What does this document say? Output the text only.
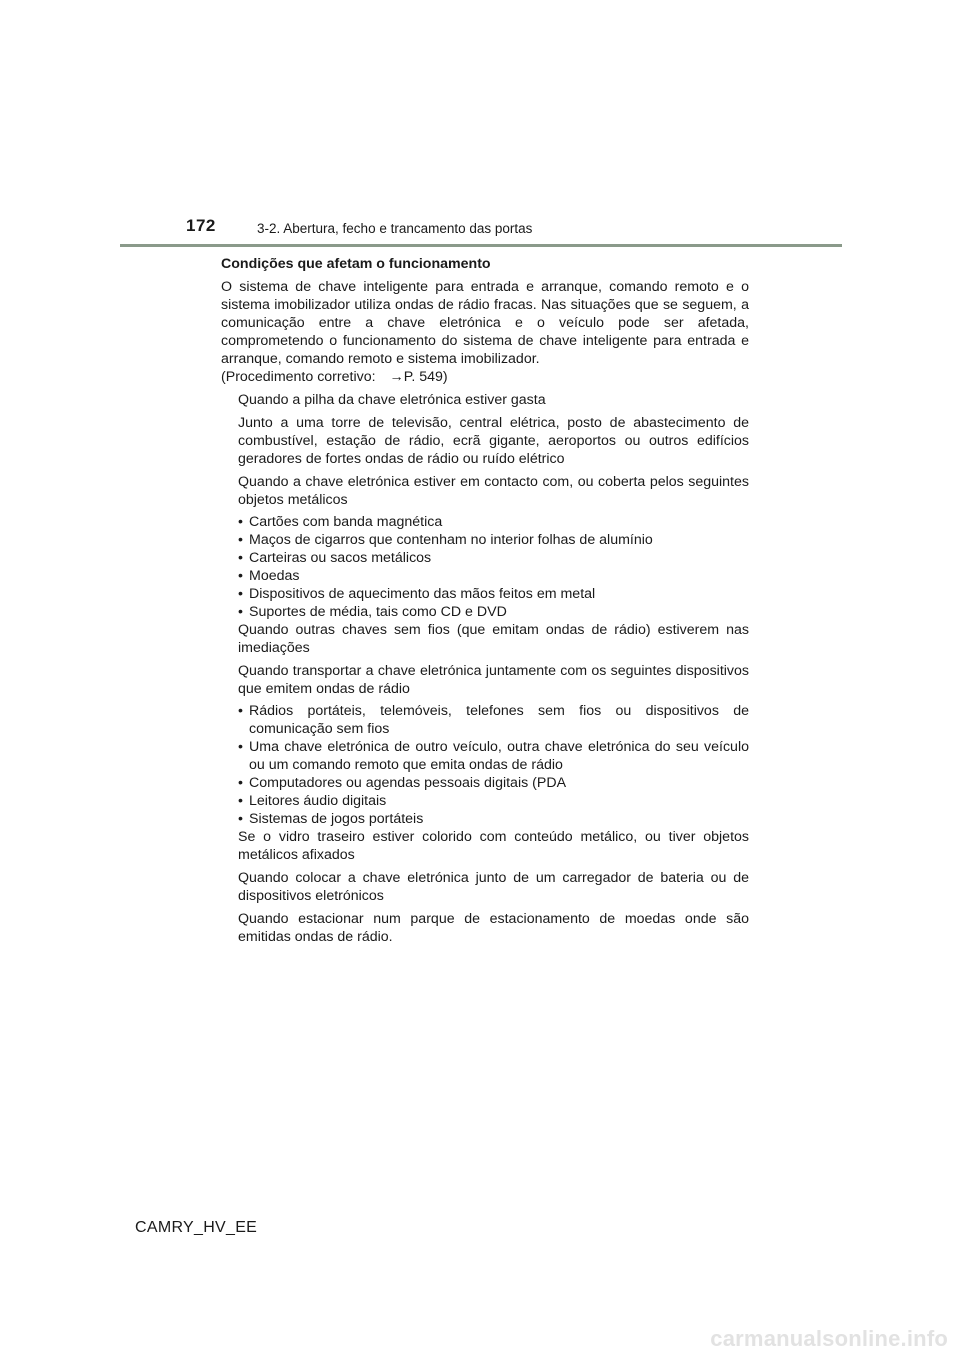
172	3-2. Abertura, fecho e trancamento das portas

Condições que afetam o funcionamento

O sistema de chave inteligente para entrada e arranque, comando remoto e o sistema imobilizador utiliza ondas de rádio fracas. Nas situações que se seguem, a comunicação entre a chave eletrónica e o veículo pode ser afetada, comprometendo o funcionamento do sistema de chave inteligente para entrada e arranque, comando remoto e sistema imobilizador.

(Procedimento corretivo: →P. 549)

Quando a pilha da chave eletrónica estiver gasta
Junto a uma torre de televisão, central elétrica, posto de abastecimento de combustível, estação de rádio, ecrã gigante, aeroportos ou outros edifícios geradores de fortes ondas de rádio ou ruído elétrico
Quando a chave eletrónica estiver em contacto com, ou coberta pelos seguintes objetos metálicos
• Cartões com banda magnética
• Maços de cigarros que contenham no interior folhas de alumínio
• Carteiras ou sacos metálicos
• Moedas
• Dispositivos de aquecimento das mãos feitos em metal
• Suportes de média, tais como CD e DVD
Quando outras chaves sem fios (que emitam ondas de rádio) estiverem nas imediações
Quando transportar a chave eletrónica juntamente com os seguintes dispositivos que emitem ondas de rádio
• Rádios portáteis, telemóveis, telefones sem fios ou dispositivos de comunicação sem fios
• Uma chave eletrónica de outro veículo, outra chave eletrónica do seu veículo ou um comando remoto que emita ondas de rádio
• Computadores ou agendas pessoais digitais (PDA
• Leitores áudio digitais
• Sistemas de jogos portáteis
Se o vidro traseiro estiver colorido com conteúdo metálico, ou tiver objetos metálicos afixados
Quando colocar a chave eletrónica junto de um carregador de bateria ou de dispositivos eletrónicos
Quando estacionar num parque de estacionamento de moedas onde são emitidas ondas de rádio.
CAMRY_HV_EE
carmanualsonline.info
